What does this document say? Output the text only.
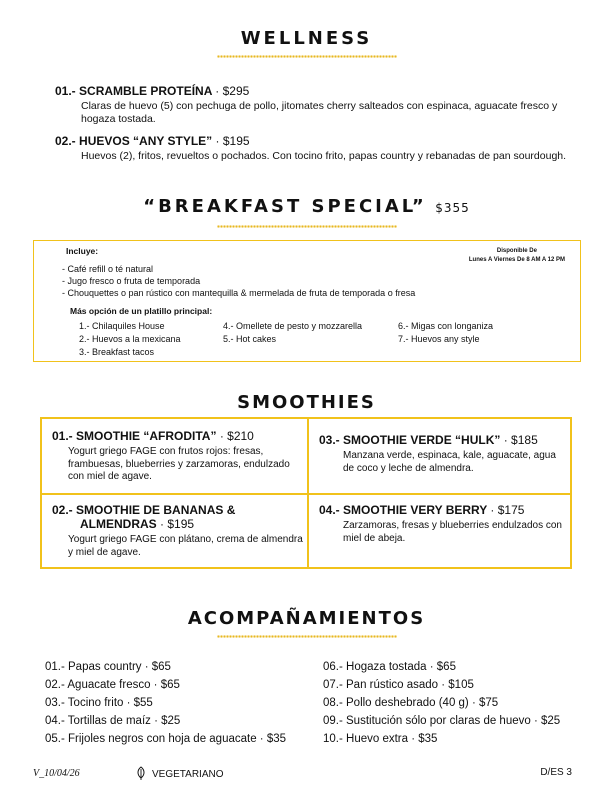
WELLNESS
01.- SCRAMBLE PROTEÍNA · $295
Claras de huevo (5) con pechuga de pollo, jitomates cherry salteados con espinaca, aguacate fresco y hogaza tostada.
02.- HUEVOS “ANY STYLE” · $195
Huevos (2), fritos, revueltos o pochados. Con tocino frito, papas country y rebanadas de pan sourdough.
“BREAKFAST SPECIAL” $355
Incluye:	Disponible De
Lunes A Viernes De 8 AM A 12 PM
- Café refill o té natural
- Jugo fresco o fruta de temporada
- Chouquettes o pan rústico con mantequilla & mermelada de fruta de temporada o fresa
Más opción de un platillo principal:
1.- Chilaquiles House
2.- Huevos a la mexicana
3.- Breakfast tacos
4.- Omellete de pesto y mozzarella
5.- Hot cakes
6.- Migas con longaniza
7.- Huevos any style
SMOOTHIES
01.- SMOOTHIE “AFRODITA” · $210
Yogurt griego FAGE con frutos rojos: fresas, frambuesas, blueberries y zarzamoras, endulzado con miel de agave.
02.- SMOOTHIE DE BANANAS &
ALMENDRAS · $195
Yogurt griego FAGE con plátano, crema de almendra y miel de agave.
03.- SMOOTHIE VERDE “HULK” · $185
Manzana verde, espinaca, kale, aguacate, agua de coco y leche de almendra.
04.- SMOOTHIE VERY BERRY · $175
Zarzamoras, fresas y blueberries endulzados con miel de abeja.
ACOMPAÑAMIENTOS
01.- Papas country · $65
02.- Aguacate fresco · $65
03.- Tocino frito · $55
04.- Tortillas de maíz · $25
05.- Frijoles negros con hoja de aguacate · $35
06.- Hogaza tostada · $65
07.- Pan rústico asado · $105
08.- Pollo deshebrado (40 g) · $75
09.- Sustitución sólo por claras de huevo · $25
10.- Huevo extra · $35
V_10/04/26	VEGETARIANO	D/ES 3
